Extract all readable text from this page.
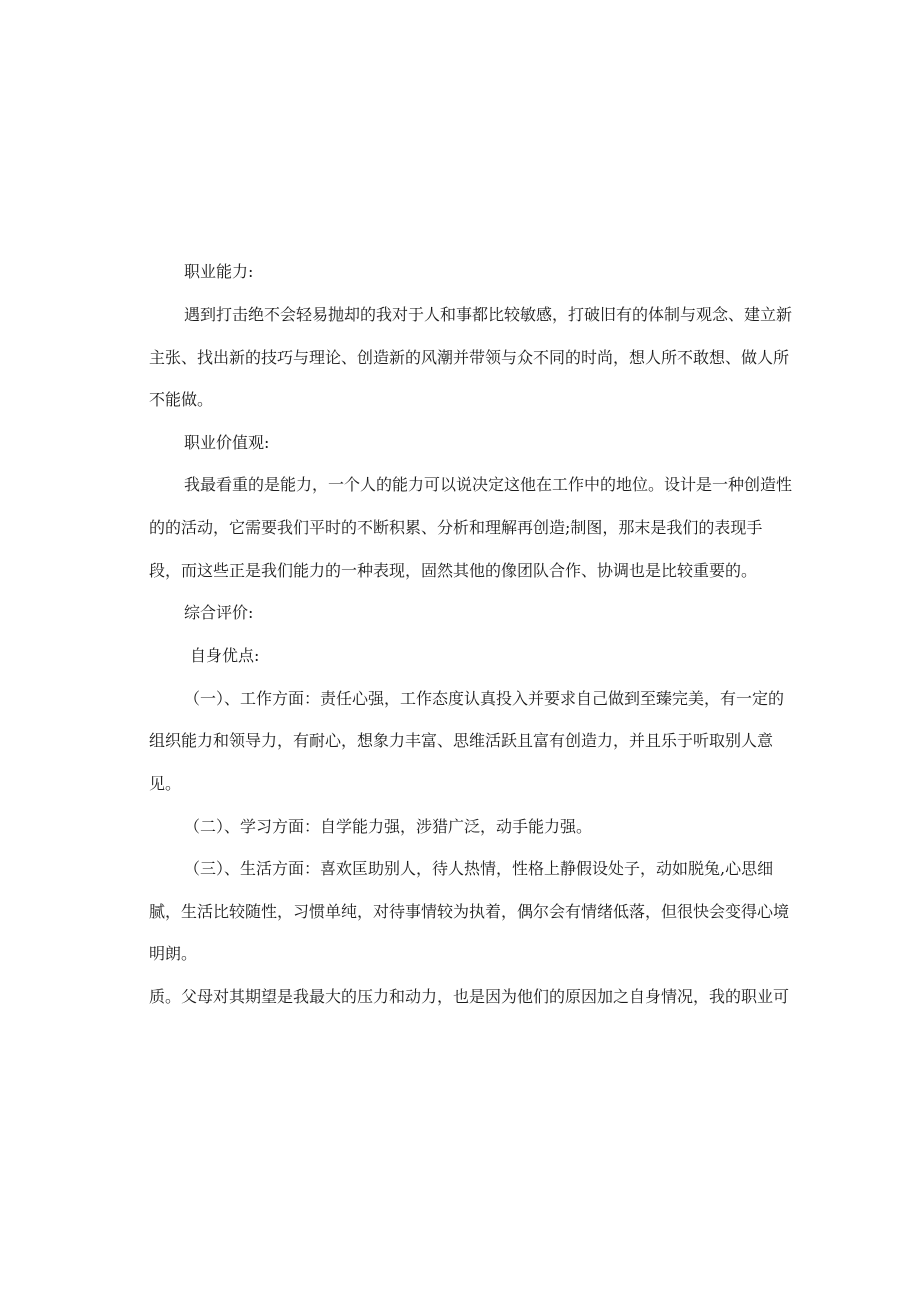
职业能力:
遇到打击绝不会轻易抛却的我对于人和事都比较敏感，打破旧有的体制与观念、建立新
主张、找出新的技巧与理论、创造新的风潮并带领与众不同的时尚，想人所不敢想、做人所
不能做。
职业价值观:
我最看重的是能力，一个人的能力可以说决定这他在工作中的地位。设计是一种创造性
的的活动，它需要我们平时的不断积累、分析和理解再创造;制图，那末是我们的表现手
段，而这些正是我们能力的一种表现，固然其他的像团队合作、协调也是比较重要的。
综合评价:
自身优点:
（一）、工作方面：责任心强，工作态度认真投入并要求自己做到至臻完美，有一定的
组织能力和领导力，有耐心，想象力丰富、思维活跃且富有创造力，并且乐于听取别人意
见。
（二）、学习方面：自学能力强，涉猎广泛，动手能力强。
（三）、生活方面：喜欢匡助别人，待人热情，性格上静假设处子，动如脱兔,心思细
腻，生活比较随性，习惯单纯，对待事情较为执着，偶尔会有情绪低落，但很快会变得心境
明朗。
质。父母对其期望是我最大的压力和动力，也是因为他们的原因加之自身情况，我的职业可
